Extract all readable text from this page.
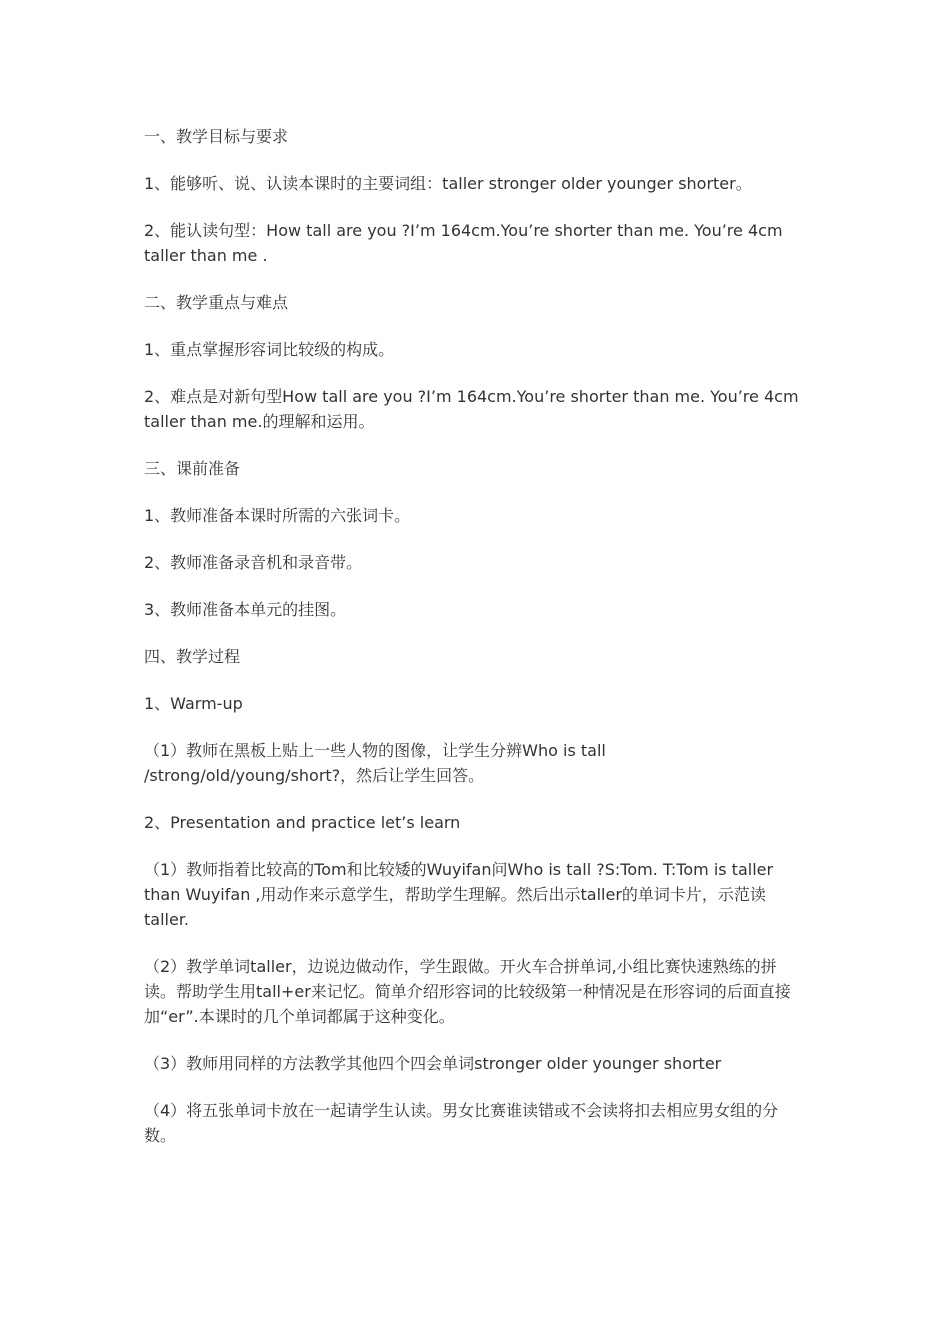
一、教学目标与要求

1、能够听、说、认读本课时的主要词组：taller stronger older younger shorter。

2、能认读句型：How tall are you ?I’m 164cm.You’re shorter than me. You’re 4cm taller than me .

二、教学重点与难点

1、重点掌握形容词比较级的构成。

2、难点是对新句型How tall are you ?I’m 164cm.You’re shorter than me. You’re 4cm taller than me.的理解和运用。

三、课前准备

1、教师准备本课时所需的六张词卡。

2、教师准备录音机和录音带。

3、教师准备本单元的挂图。

四、教学过程

1、Warm-up

（1）教师在黑板上贴上一些人物的图像，让学生分辨Who is tall /strong/old/young/short?，然后让学生回答。

2、Presentation and practice let’s learn

（1）教师指着比较高的Tom和比较矮的Wuyifan问Who is tall ?S:Tom. T:Tom is taller than Wuyifan ,用动作来示意学生，帮助学生理解。然后出示taller的单词卡片，示范读taller.

（2）教学单词taller，边说边做动作，学生跟做。开火车合拼单词,小组比赛快速熟练的拼读。帮助学生用tall+er来记忆。简单介绍形容词的比较级第一种情况是在形容词的后面直接加“er”.本课时的几个单词都属于这种变化。

（3）教师用同样的方法教学其他四个四会单词stronger older younger shorter

（4）将五张单词卡放在一起请学生认读。男女比赛谁读错或不会读将扣去相应男女组的分数。
